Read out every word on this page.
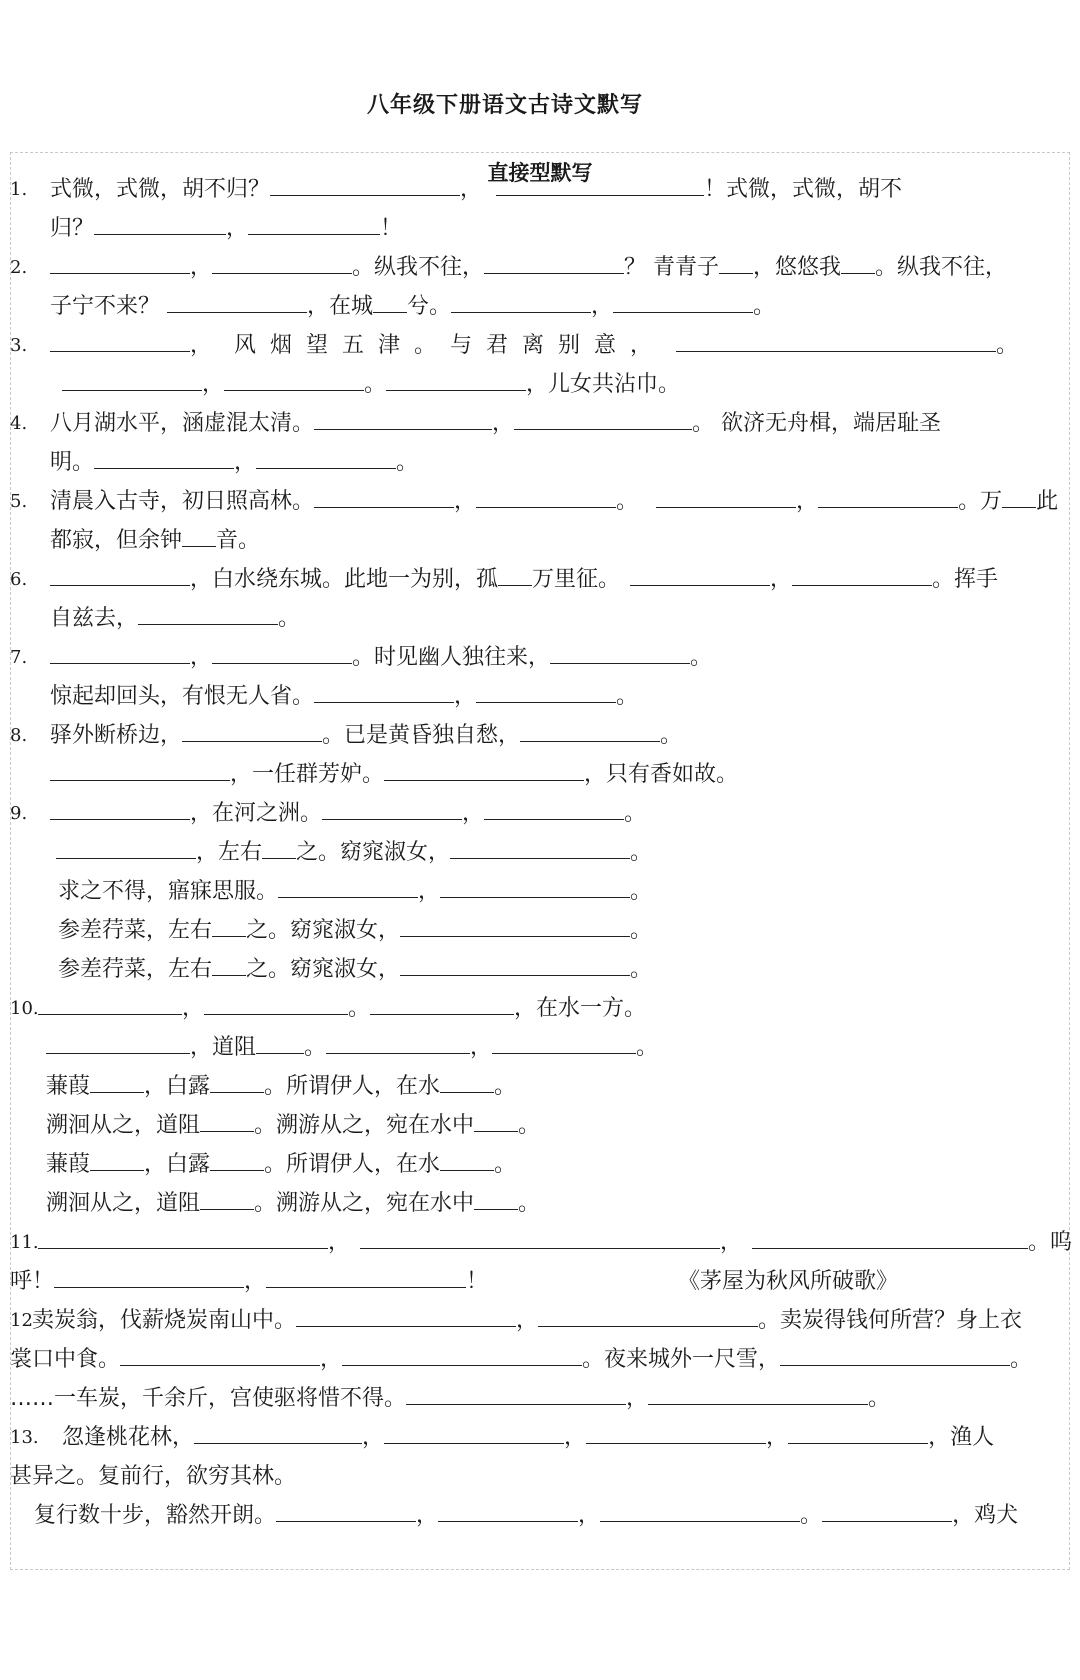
八年级下册语文古诗文默写
直接型默写
1. 式微，式微，胡不归？	，	！式微，式微，胡不
归？	，	！
2.	，	。纵我不往，	？ 青青子 ，悠悠我 。纵我不往，
子宁不来？	，在城 兮。	，	。
3.	， 风烟望五津。与君离别意，	。
，	。	，儿女共沾巾。
4. 八月湖水平，涵虚混太清。	，	。 欲济无舟楫，端居耻圣
明。	，	。
5. 清晨入古寺，初日照高林。	，	。	，	。万 此
都寂，但余钟 音。
6.	，白水绕东城。此地一为别，孤 万里征。	，	。挥手
自兹去，	。
7.	，	。时见幽人独往来，	。
惊起却回头，有恨无人省。	，	。
8. 驿外断桥边，	。已是黄昏独自愁，	。
，一任群芳妒。	，只有香如故。
9.	，在河之洲。	，	。
，左右 之。窈窕淑女，	。
求之不得，寤寐思服。	，	。
参差荇菜，左右 之。窈窕淑女，	。
参差荇菜，左右 之。窈窕淑女，	。
10.	，	。	，在水一方。
，道阻 。	，	。
蒹葭 ，白露 。所谓伊人，在水 。
溯洄从之，道阻 。溯游从之，宛在水中 。
蒹葭 ，白露 。所谓伊人，在水 。
溯洄从之，道阻 。溯游从之，宛在水中 。
11.	，	，	。呜
呼！	，	！	《茅屋为秋风所破歌》
12 卖炭翁，伐薪烧炭南山中。	，	。卖炭得钱何所营？身上衣
裳口中食。	，	。夜来城外一尺雪，	。
……一车炭，千余斤，宫使驱将惜不得。	，	。
13. 忽逢桃花林，	，	，	，	，渔人
甚异之。复前行，欲穷其林。
复行数十步，豁然开朗。	，	，	。	，鸡犬
